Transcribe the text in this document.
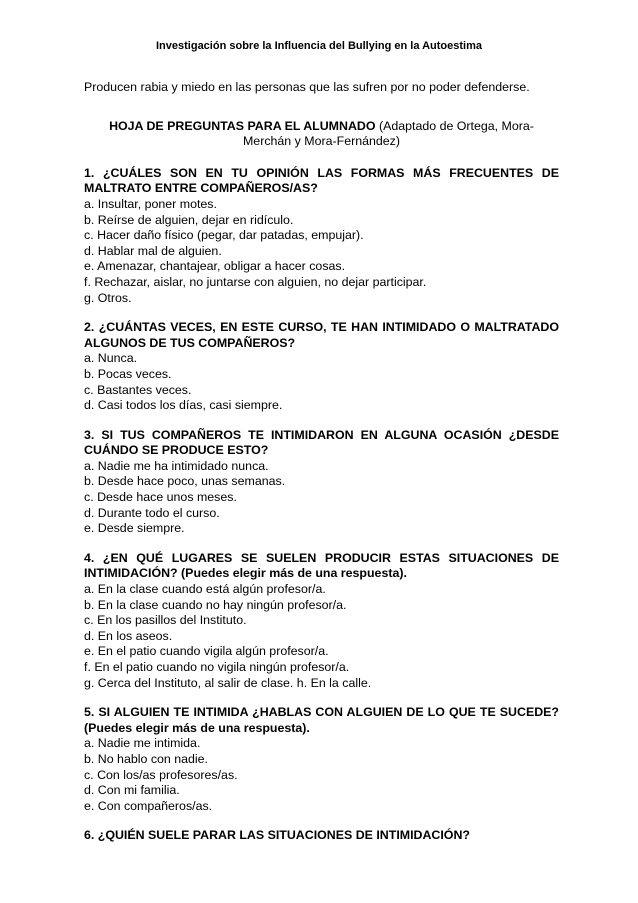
Investigación sobre la Influencia del Bullying en la Autoestima

Producen rabia y miedo en las personas que las sufren por no poder defenderse.

HOJA DE PREGUNTAS PARA EL ALUMNADO (Adaptado de Ortega, Mora-Merchán y Mora-Fernández)

1. ¿CUÁLES SON EN TU OPINIÓN LAS FORMAS MÁS FRECUENTES DE MALTRATO ENTRE COMPAÑEROS/AS?
a. Insultar, poner motes.
b. Reírse de alguien, dejar en ridículo.
c. Hacer daño físico (pegar, dar patadas, empujar).
d. Hablar mal de alguien.
e. Amenazar, chantajear, obligar a hacer cosas.
f. Rechazar, aislar, no juntarse con alguien, no dejar participar.
g. Otros.
2. ¿CUÁNTAS VECES, EN ESTE CURSO, TE HAN INTIMIDADO O MALTRATADO ALGUNOS DE TUS COMPAÑEROS?
a. Nunca.
b. Pocas veces.
c. Bastantes veces.
d. Casi todos los días, casi siempre.
3. SI TUS COMPAÑEROS TE INTIMIDARON EN ALGUNA OCASIÓN ¿DESDE CUÁNDO SE PRODUCE ESTO?
a. Nadie me ha intimidado nunca.
b. Desde hace poco, unas semanas.
c. Desde hace unos meses.
d. Durante todo el curso.
e. Desde siempre.
4. ¿EN QUÉ LUGARES SE SUELEN PRODUCIR ESTAS SITUACIONES DE INTIMIDACIÓN? (Puedes elegir más de una respuesta).
a. En la clase cuando está algún profesor/a.
b. En la clase cuando no hay ningún profesor/a.
c. En los pasillos del Instituto.
d. En los aseos.
e. En el patio cuando vigila algún profesor/a.
f. En el patio cuando no vigila ningún profesor/a.
g. Cerca del Instituto, al salir de clase. h. En la calle.
5. SI ALGUIEN TE INTIMIDA ¿HABLAS CON ALGUIEN DE LO QUE TE SUCEDE? (Puedes elegir más de una respuesta).
a. Nadie me intimida.
b. No hablo con nadie.
c. Con los/as profesores/as.
d. Con mi familia.
e. Con compañeros/as.
6. ¿QUIÉN SUELE PARAR LAS SITUACIONES DE INTIMIDACIÓN?
